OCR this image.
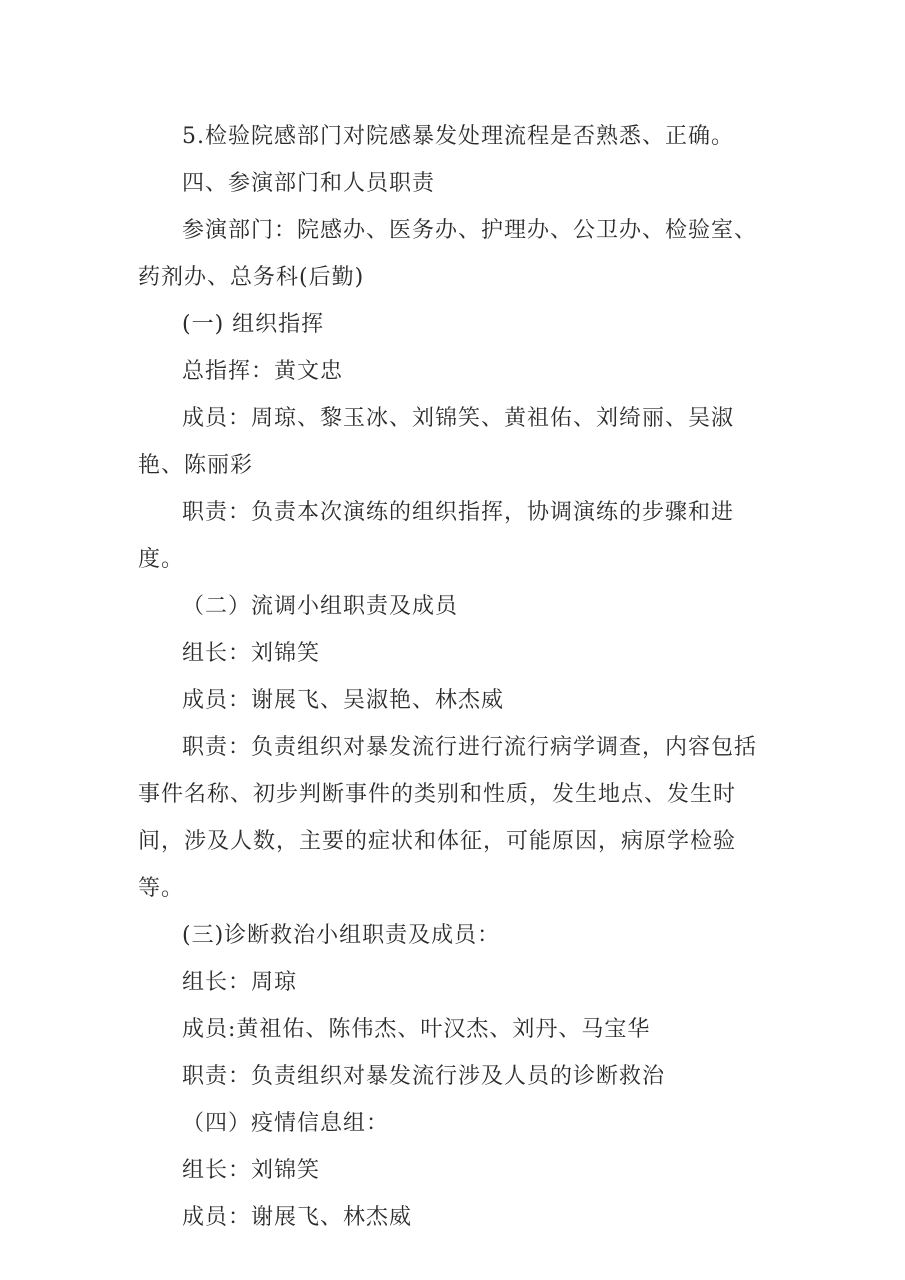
5.检验院感部门对院感暴发处理流程是否熟悉、正确。

四、参演部门和人员职责

参演部门：院感办、医务办、护理办、公卫办、检验室、药剂办、总务科(后勤)

(一) 组织指挥

总指挥：黄文忠

成员：周琼、黎玉冰、刘锦笑、黄祖佑、刘绮丽、吴淑艳、陈丽彩

职责：负责本次演练的组织指挥，协调演练的步骤和进度。

（二）流调小组职责及成员

组长：刘锦笑

成员：谢展飞、吴淑艳、林杰威

职责：负责组织对暴发流行进行流行病学调查，内容包括事件名称、初步判断事件的类别和性质，发生地点、发生时间，涉及人数，主要的症状和体征，可能原因，病原学检验等。

(三)诊断救治小组职责及成员：

组长：周琼

成员:黄祖佑、陈伟杰、叶汉杰、刘丹、马宝华

职责：负责组织对暴发流行涉及人员的诊断救治

（四）疫情信息组：

组长：刘锦笑

成员：谢展飞、林杰威
